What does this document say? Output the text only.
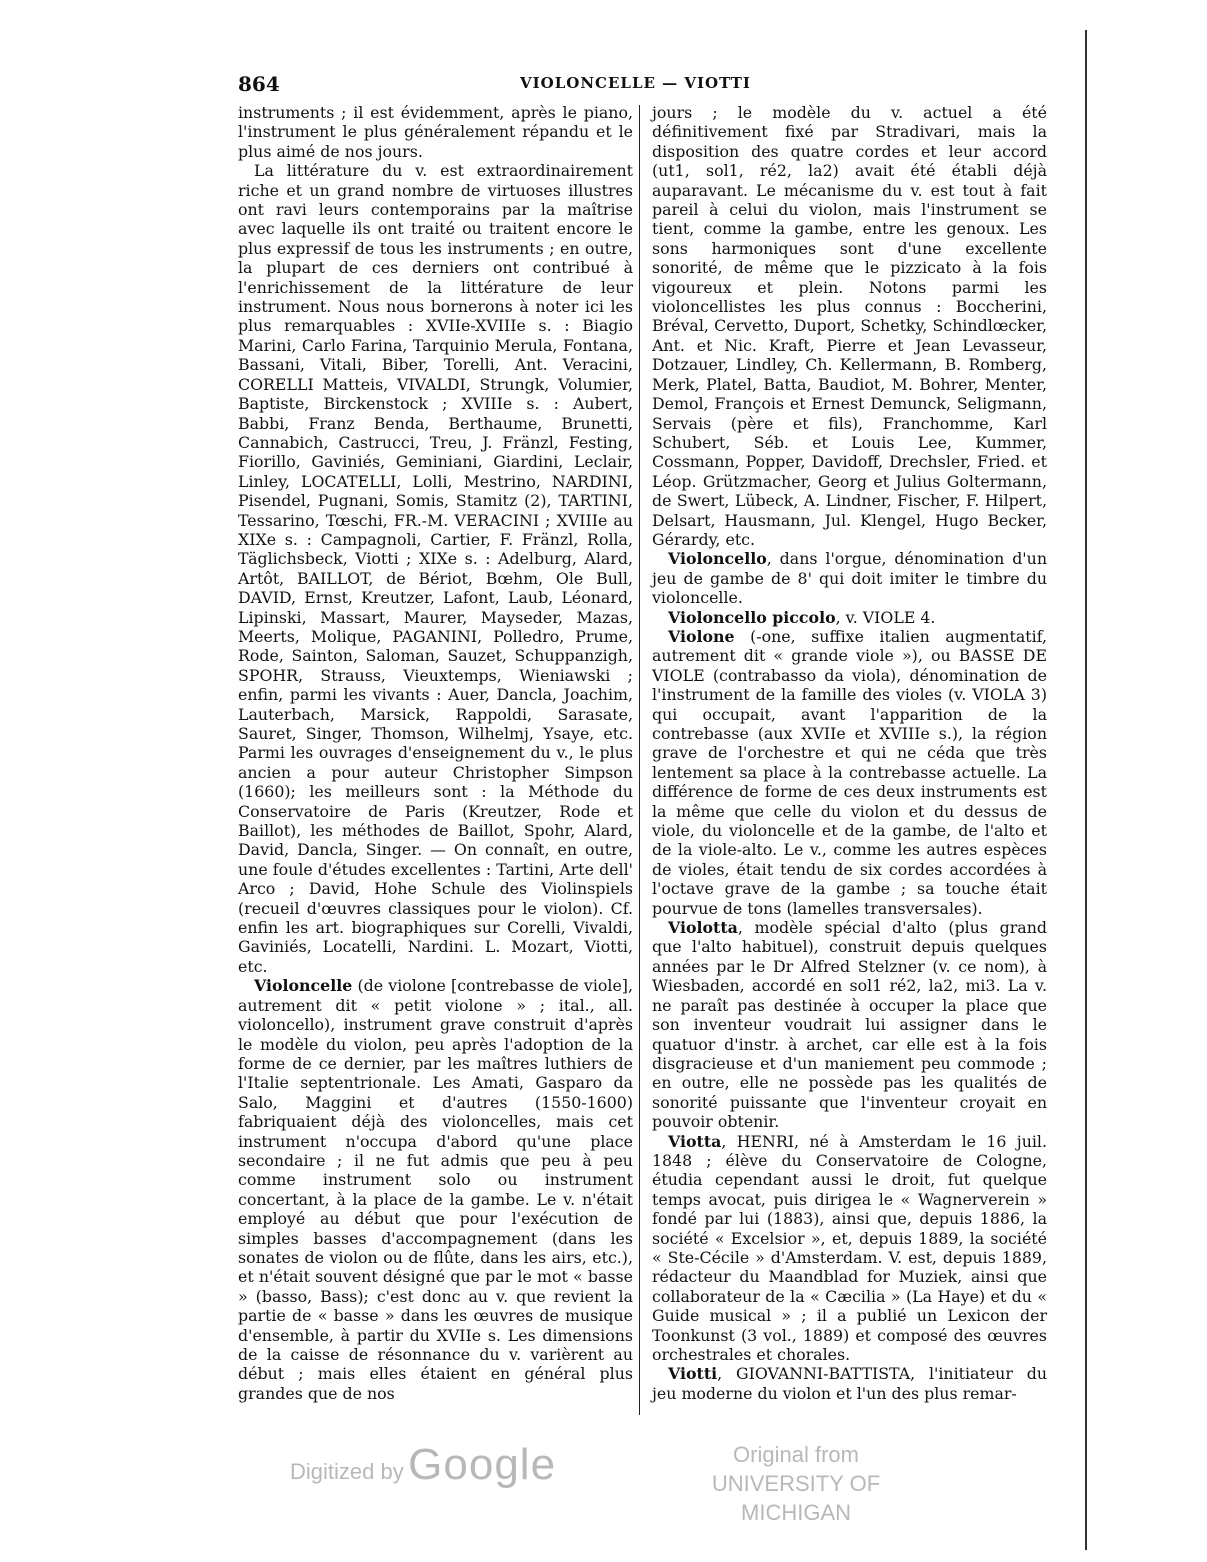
864	VIOLONCELLE — VIOTTI

instruments ; il est évidemment, après le piano, l'instrument le plus généralement répandu et le plus aimé de nos jours.

La littérature du v. est extraordinairement riche et un grand nombre de virtuoses illustres ont ravi leurs contemporains par la maîtrise avec laquelle ils ont traité ou traitent encore le plus expressif de tous les instruments ; en outre, la plupart de ces derniers ont contribué à l'enrichissement de la littérature de leur instrument. Nous nous bornerons à noter ici les plus remarquables : XVIIe-XVIIIe s. : Biagio Marini, Carlo Farina, Tarquinio Merula, Fontana, Bassani, Vitali, Biber, Torelli, Ant. Veracini, CORELLI Matteis, VIVALDI, Strungk, Volumier, Baptiste, Birckenstock ; XVIIIe s. : Aubert, Babbi, Franz Benda, Berthaume, Brunetti, Cannabich, Castrucci, Treu, J. Fränzl, Festing, Fiorillo, Gaviniés, Geminiani, Giardini, Leclair, Linley, LOCATELLI, Lolli, Mestrino, NARDINI, Pisendel, Pugnani, Somis, Stamitz (2), TARTINI, Tessarino, Tœschi, FR.-M. VERACINI ; XVIIIe au XIXe s. : Campagnoli, Cartier, F. Fränzl, Rolla, Täglichsbeck, Viotti ; XIXe s. : Adelburg, Alard, Artôt, BAILLOT, de Bériot, Bœhm, Ole Bull, DAVID, Ernst, Kreutzer, Lafont, Laub, Léonard, Lipinski, Massart, Maurer, Mayseder, Mazas, Meerts, Molique, PAGANINI, Polledro, Prume, Rode, Sainton, Saloman, Sauzet, Schuppanzigh, SPOHR, Strauss, Vieuxtemps, Wieniawski ; enfin, parmi les vivants : Auer, Dancla, Joachim, Lauterbach, Marsick, Rappoldi, Sarasate, Sauret, Singer, Thomson, Wilhelmj, Ysaye, etc. Parmi les ouvrages d'enseignement du v., le plus ancien a pour auteur Christopher Simpson (1660); les meilleurs sont : la Méthode du Conservatoire de Paris (Kreutzer, Rode et Baillot), les méthodes de Baillot, Spohr, Alard, David, Dancla, Singer. — On connaît, en outre, une foule d'études excellentes : Tartini, Arte dell' Arco ; David, Hohe Schule des Violinspiels (recueil d'œuvres classiques pour le violon). Cf. enfin les art. biographiques sur Corelli, Vivaldi, Gaviniés, Locatelli, Nardini. L. Mozart, Viotti, etc.

Violoncelle (de violone [contrebasse de viole], autrement dit « petit violone » ; ital., all. violoncello), instrument grave construit d'après le modèle du violon, peu après l'adoption de la forme de ce dernier, par les maîtres luthiers de l'Italie septentrionale. Les Amati, Gasparo da Salo, Maggini et d'autres (1550-1600) fabriquaient déjà des violoncelles, mais cet instrument n'occupa d'abord qu'une place secondaire ; il ne fut admis que peu à peu comme instrument solo ou instrument concertant, à la place de la gambe. Le v. n'était employé au début que pour l'exécution de simples basses d'accompagnement (dans les sonates de violon ou de flûte, dans les airs, etc.), et n'était souvent désigné que par le mot « basse » (basso, Bass); c'est donc au v. que revient la partie de « basse » dans les œuvres de musique d'ensemble, à partir du XVIIe s. Les dimensions de la caisse de résonnance du v. varièrent au début ; mais elles étaient en général plus grandes que de nos

jours ; le modèle du v. actuel a été définitivement fixé par Stradivari, mais la disposition des quatre cordes et leur accord (ut1, sol1, ré2, la2) avait été établi déjà auparavant. Le mécanisme du v. est tout à fait pareil à celui du violon, mais l'instrument se tient, comme la gambe, entre les genoux. Les sons harmoniques sont d'une excellente sonorité, de même que le pizzicato à la fois vigoureux et plein. Notons parmi les violoncellistes les plus connus : Boccherini, Bréval, Cervetto, Duport, Schetky, Schindlœcker, Ant. et Nic. Kraft, Pierre et Jean Levasseur, Dotzauer, Lindley, Ch. Kellermann, B. Romberg, Merk, Platel, Batta, Baudiot, M. Bohrer, Menter, Demol, François et Ernest Demunck, Seligmann, Servais (père et fils), Franchomme, Karl Schubert, Séb. et Louis Lee, Kummer, Cossmann, Popper, Davidoff, Drechsler, Fried. et Léop. Grützmacher, Georg et Julius Goltermann, de Swert, Lübeck, A. Lindner, Fischer, F. Hilpert, Delsart, Hausmann, Jul. Klengel, Hugo Becker, Gérardy, etc.

Violoncello, dans l'orgue, dénomination d'un jeu de gambe de 8' qui doit imiter le timbre du violoncelle.

Violoncello piccolo, v. VIOLE 4.

Violone (-one, suffixe italien augmentatif, autrement dit « grande viole »), ou BASSE DE VIOLE (contrabasso da viola), dénomination de l'instrument de la famille des violes (v. VIOLA 3) qui occupait, avant l'apparition de la contrebasse (aux XVIIe et XVIIIe s.), la région grave de l'orchestre et qui ne céda que très lentement sa place à la contrebasse actuelle. La différence de forme de ces deux instruments est la même que celle du violon et du dessus de viole, du violoncelle et de la gambe, de l'alto et de la viole-alto. Le v., comme les autres espèces de violes, était tendu de six cordes accordées à l'octave grave de la gambe ; sa touche était pourvue de tons (lamelles transversales).

Violotta, modèle spécial d'alto (plus grand que l'alto habituel), construit depuis quelques années par le Dr Alfred Stelzner (v. ce nom), à Wiesbaden, accordé en sol1 ré2, la2, mi3. La v. ne paraît pas destinée à occuper la place que son inventeur voudrait lui assigner dans le quatuor d'instr. à archet, car elle est à la fois disgracieuse et d'un maniement peu commode ; en outre, elle ne possède pas les qualités de sonorité puissante que l'inventeur croyait en pouvoir obtenir.

Viotta, HENRI, né à Amsterdam le 16 juil. 1848 ; élève du Conservatoire de Cologne, étudia cependant aussi le droit, fut quelque temps avocat, puis dirigea le « Wagnerverein » fondé par lui (1883), ainsi que, depuis 1886, la société « Excelsior », et, depuis 1889, la société « Ste-Cécile » d'Amsterdam. V. est, depuis 1889, rédacteur du Maandblad for Muziek, ainsi que collaborateur de la « Cæcilia » (La Haye) et du « Guide musical » ; il a publié un Lexicon der Toonkunst (3 vol., 1889) et composé des œuvres orchestrales et chorales.

Viotti, GIOVANNI-BATTISTA, l'initiateur du jeu moderne du violon et l'un des plus remar-

Digitized by Google	Original from
UNIVERSITY OF MICHIGAN
